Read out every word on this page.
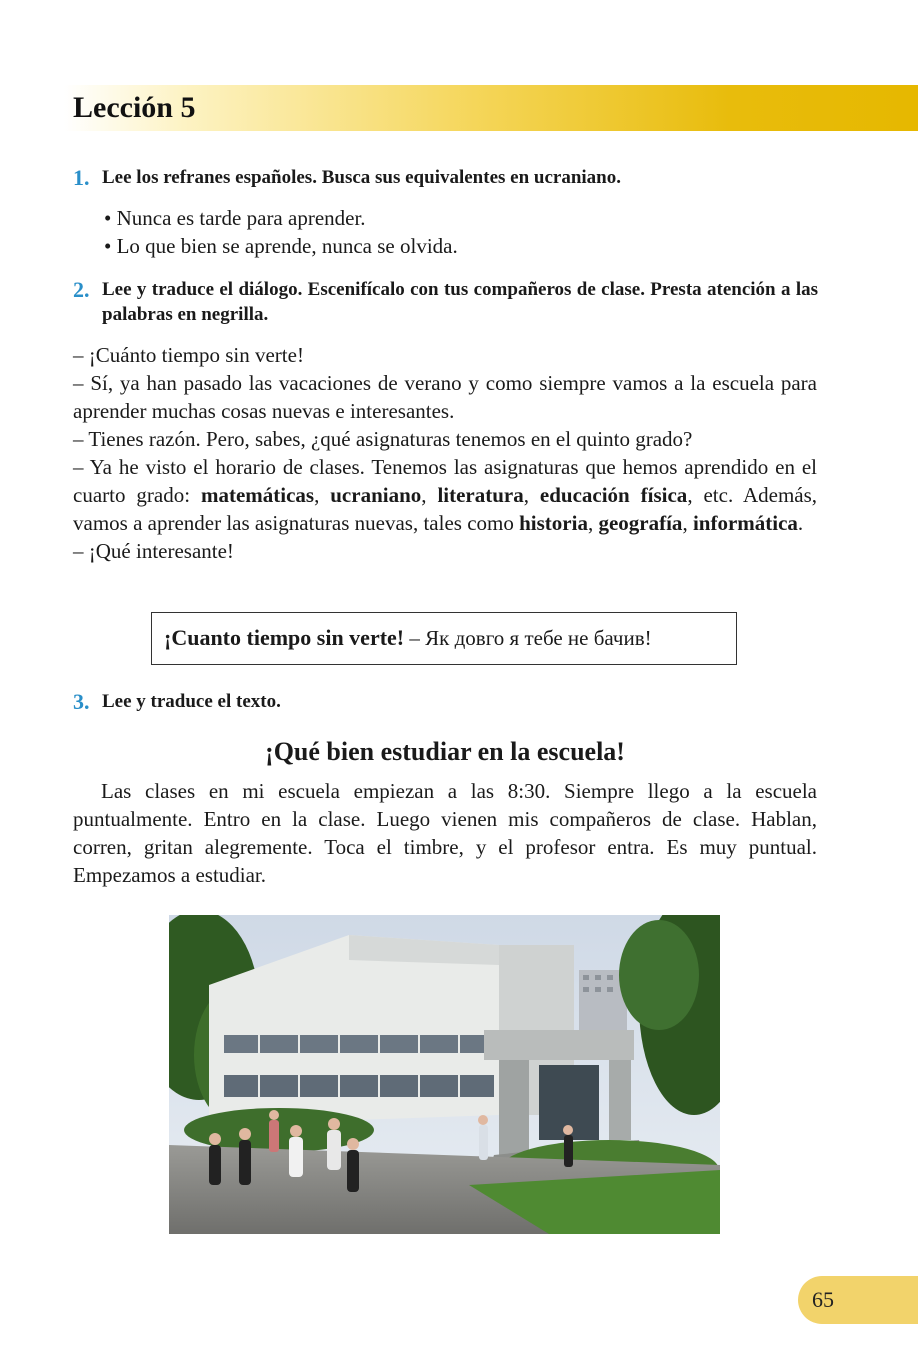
Lección 5
1. Lee los refranes españoles. Busca sus equivalentes en ucraniano.
• Nunca es tarde para aprender.
• Lo que bien se aprende, nunca se olvida.
2. Lee y traduce el diálogo. Escenifícalo con tus compañeros de clase. Presta atención a las palabras en negrilla.

– ¡Cuánto tiempo sin verte!

– Sí, ya han pasado las vacaciones de verano y como siempre vamos a la escuela para aprender muchas cosas nuevas e interesantes.

– Tienes razón. Pero, sabes, ¿qué asignaturas tenemos en el quinto grado?

– Ya he visto el horario de clases. Tenemos las asignaturas que hemos aprendido en el cuarto grado: matemáticas, ucraniano, literatura, educación física, etc. Además, vamos a aprender las asignaturas nuevas, tales como historia, geografía, informática.

– ¡Qué interesante!

¡Cuanto tiempo sin verte! – Як довго я тебе не бачив!
3. Lee y traduce el texto.
¡Qué bien estudiar en la escuela!

Las clases en mi escuela empiezan a las 8:30. Siempre llego a la escuela puntualmente. Entro en la clase. Luego vienen mis compañeros de clase. Hablan, corren, gritan alegremente. Toca el timbre, y el profesor entra. Es muy puntual. Empezamos a estudiar.

65
